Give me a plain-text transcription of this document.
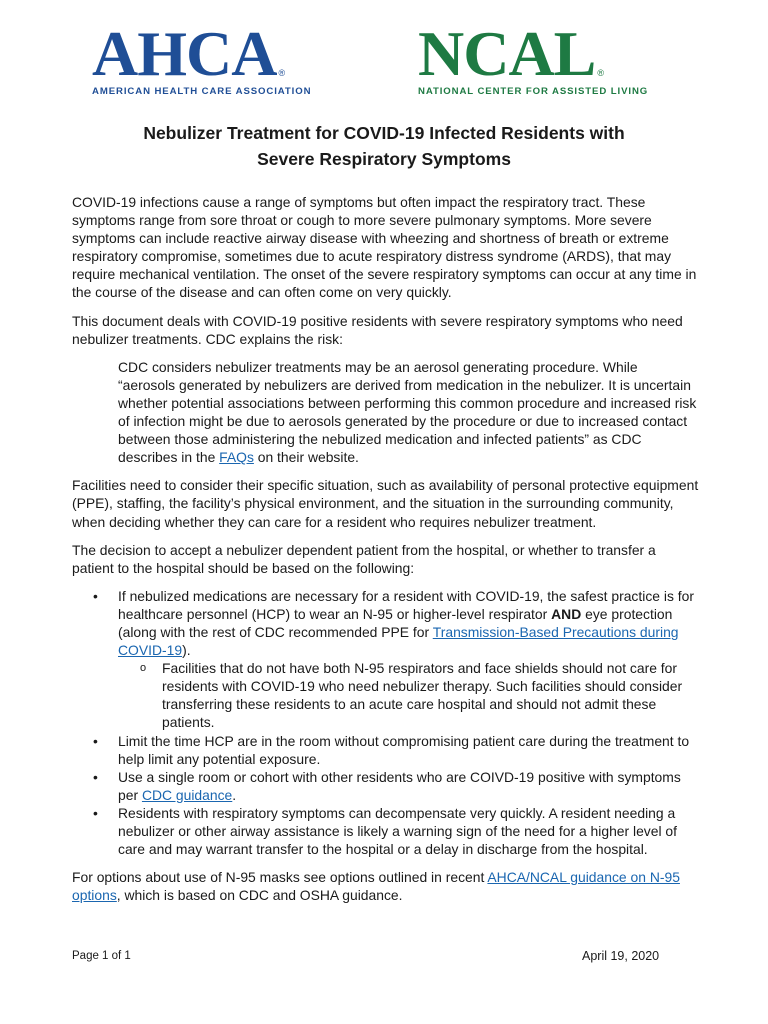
AHCA $_®$
AMERICAN HEALTH CARE ASSOCIATION
NCAL $_®$
NATIONAL CENTER FOR ASSISTED LIVING
Nebulizer Treatment for COVID-19 Infected Residents with
Severe Respiratory Symptoms

COVID-19 infections cause a range of symptoms but often impact the respiratory tract. These symptoms range from sore throat or cough to more severe pulmonary symptoms. More severe symptoms can include reactive airway disease with wheezing and shortness of breath or extreme respiratory compromise, sometimes due to acute respiratory distress syndrome (ARDS), that may require mechanical ventilation. The onset of the severe respiratory symptoms can occur at any time in the course of the disease and can often come on very quickly.

This document deals with COVID-19 positive residents with severe respiratory symptoms who need nebulizer treatments. CDC explains the risk:

CDC considers nebulizer treatments may be an aerosol generating procedure. While “aerosols generated by nebulizers are derived from medication in the nebulizer. It is uncertain whether potential associations between performing this common procedure and increased risk of infection might be due to aerosols generated by the procedure or due to increased contact between those administering the nebulized medication and infected patients” as CDC describes in the FAQs on their website.

Facilities need to consider their specific situation, such as availability of personal protective equipment (PPE), staffing, the facility’s physical environment, and the situation in the surrounding community, when deciding whether they can care for a resident who requires nebulizer treatment.

The decision to accept a nebulizer dependent patient from the hospital, or whether to transfer a patient to the hospital should be based on the following:

• If nebulized medications are necessary for a resident with COVID-19, the safest practice is for healthcare personnel (HCP) to wear an N-95 or higher-level respirator AND eye protection (along with the rest of CDC recommended PPE for Transmission-Based Precautions during COVID-19).
o Facilities that do not have both N-95 respirators and face shields should not care for residents with COVID-19 who need nebulizer therapy. Such facilities should consider transferring these residents to an acute care hospital and should not admit these patients.
• Limit the time HCP are in the room without compromising patient care during the treatment to help limit any potential exposure.
• Use a single room or cohort with other residents who are COIVD-19 positive with symptoms per CDC guidance.
• Residents with respiratory symptoms can decompensate very quickly. A resident needing a nebulizer or other airway assistance is likely a warning sign of the need for a higher level of care and may warrant transfer to the hospital or a delay in discharge from the hospital.

For options about use of N-95 masks see options outlined in recent AHCA/NCAL guidance on N-95 options, which is based on CDC and OSHA guidance.

Page 1 of 1	April 19, 2020
